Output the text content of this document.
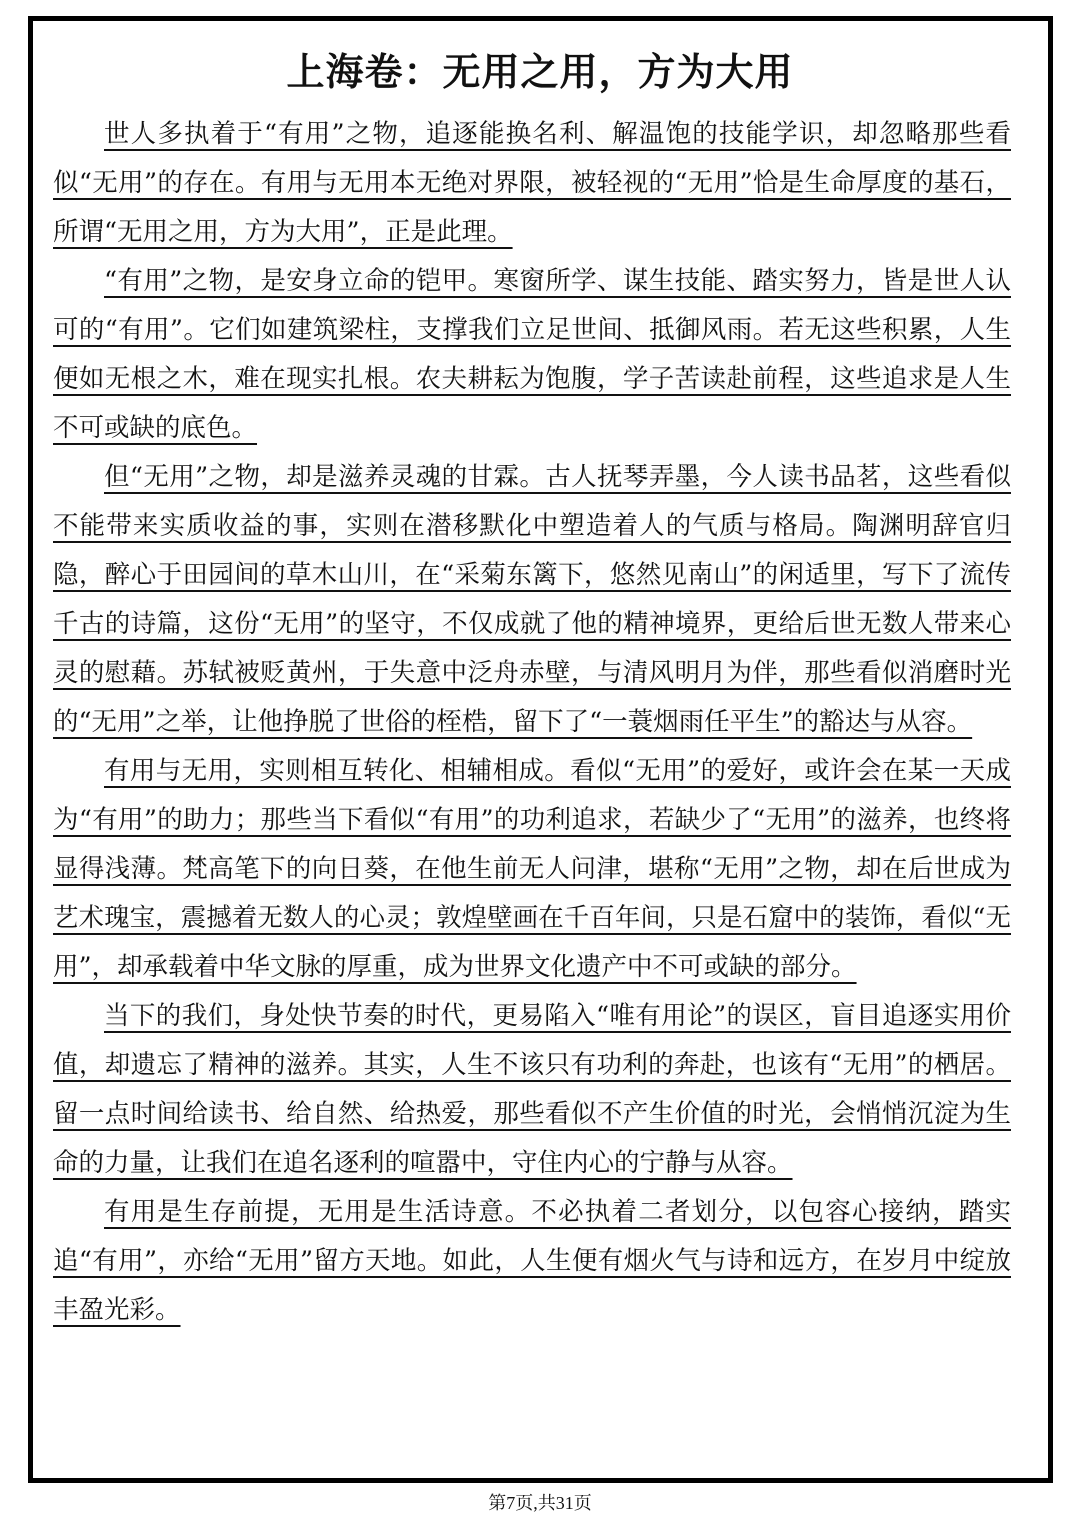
上海卷：无用之用，方为大用

世人多执着于“有用”之物，追逐能换名利、解温饱的技能学识，却忽略那些看似“无用”的存在。有用与无用本无绝对界限，被轻视的“无用”恰是生命厚度的基石，所谓“无用之用，方为大用”，正是此理。

“有用”之物，是安身立命的铠甲。寒窗所学、谋生技能、踏实努力，皆是世人认可的“有用”。它们如建筑梁柱，支撑我们立足世间、抵御风雨。若无这些积累，人生便如无根之木，难在现实扎根。农夫耕耘为饱腹，学子苦读赴前程，这些追求是人生不可或缺的底色。

但“无用”之物，却是滋养灵魂的甘霖。古人抚琴弄墨，今人读书品茗，这些看似不能带来实质收益的事，实则在潜移默化中塑造着人的气质与格局。陶渊明辞官归隐，醉心于田园间的草木山川，在“采菊东篱下，悠然见南山”的闲适里，写下了流传千古的诗篇，这份“无用”的坚守，不仅成就了他的精神境界，更给后世无数人带来心灵的慰藉。苏轼被贬黄州，于失意中泛舟赤壁，与清风明月为伴，那些看似消磨时光的“无用”之举，让他挣脱了世俗的桎梏，留下了“一蓑烟雨任平生”的豁达与从容。

有用与无用，实则相互转化、相辅相成。看似“无用”的爱好，或许会在某一天成为“有用”的助力；那些当下看似“有用”的功利追求，若缺少了“无用”的滋养，也终将显得浅薄。梵高笔下的向日葵，在他生前无人问津，堪称“无用”之物，却在后世成为艺术瑰宝，震撼着无数人的心灵；敦煌壁画在千百年间，只是石窟中的装饰，看似“无用”，却承载着中华文脉的厚重，成为世界文化遗产中不可或缺的部分。

当下的我们，身处快节奏的时代，更易陷入“唯有用论”的误区，盲目追逐实用价值，却遗忘了精神的滋养。其实，人生不该只有功利的奔赴，也该有“无用”的栖居。留一点时间给读书、给自然、给热爱，那些看似不产生价值的时光，会悄悄沉淀为生命的力量，让我们在追名逐利的喧嚣中，守住内心的宁静与从容。

有用是生存前提，无用是生活诗意。不必执着二者划分，以包容心接纳，踏实追“有用”，亦给“无用”留方天地。如此，人生便有烟火气与诗和远方，在岁月中绽放丰盈光彩。

第7页,共31页
